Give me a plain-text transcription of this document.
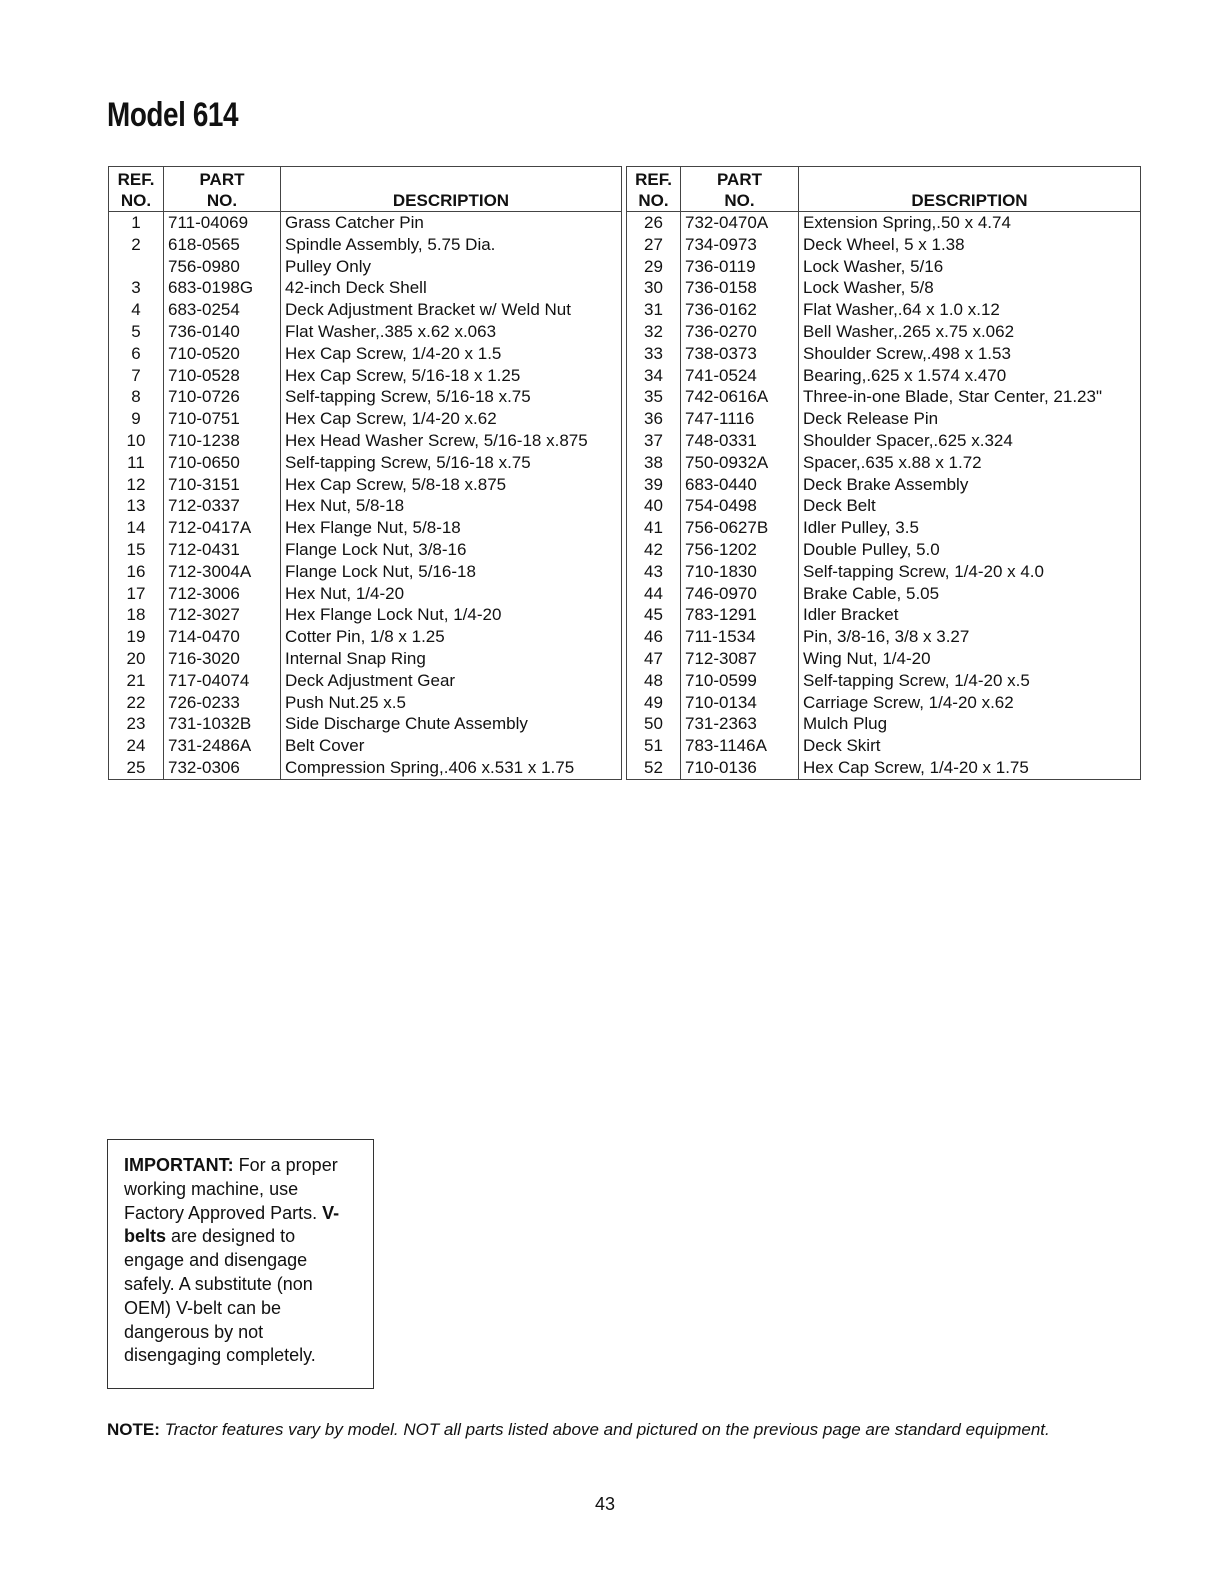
Model 614
REF.
NO.	PART
NO.	DESCRIPTION
1	711-04069	Grass Catcher Pin
2	618-0565	Spindle Assembly, 5.75 Dia.
	756-0980	Pulley Only
3	683-0198G	42-inch Deck Shell
4	683-0254	Deck Adjustment Bracket w/ Weld Nut
5	736-0140	Flat Washer,.385 x.62 x.063
6	710-0520	Hex Cap Screw, 1/4-20 x 1.5
7	710-0528	Hex Cap Screw, 5/16-18 x 1.25
8	710-0726	Self-tapping Screw, 5/16-18 x.75
9	710-0751	Hex Cap Screw, 1/4-20 x.62
10	710-1238	Hex Head Washer Screw, 5/16-18 x.875
11	710-0650	Self-tapping Screw, 5/16-18 x.75
12	710-3151	Hex Cap Screw, 5/8-18 x.875
13	712-0337	Hex Nut, 5/8-18
14	712-0417A	Hex Flange Nut, 5/8-18
15	712-0431	Flange Lock Nut, 3/8-16
16	712-3004A	Flange Lock Nut, 5/16-18
17	712-3006	Hex Nut, 1/4-20
18	712-3027	Hex Flange Lock Nut, 1/4-20
19	714-0470	Cotter Pin, 1/8 x 1.25
20	716-3020	Internal Snap Ring
21	717-04074	Deck Adjustment Gear
22	726-0233	Push Nut.25 x.5
23	731-1032B	Side Discharge Chute Assembly
24	731-2486A	Belt Cover
25	732-0306	Compression Spring,.406 x.531 x 1.75
REF.
NO.	PART
NO.	DESCRIPTION
26	732-0470A	Extension Spring,.50 x 4.74
27	734-0973	Deck Wheel, 5 x 1.38
29	736-0119	Lock Washer, 5/16
30	736-0158	Lock Washer, 5/8
31	736-0162	Flat Washer,.64 x 1.0 x.12
32	736-0270	Bell Washer,.265 x.75 x.062
33	738-0373	Shoulder Screw,.498 x 1.53
34	741-0524	Bearing,.625 x 1.574 x.470
35	742-0616A	Three-in-one Blade, Star Center, 21.23"
36	747-1116	Deck Release Pin
37	748-0331	Shoulder Spacer,.625 x.324
38	750-0932A	Spacer,.635 x.88 x 1.72
39	683-0440	Deck Brake Assembly
40	754-0498	Deck Belt
41	756-0627B	Idler Pulley, 3.5
42	756-1202	Double Pulley, 5.0
43	710-1830	Self-tapping Screw, 1/4-20 x 4.0
44	746-0970	Brake Cable, 5.05
45	783-1291	Idler Bracket
46	711-1534	Pin, 3/8-16, 3/8 x 3.27
47	712-3087	Wing Nut, 1/4-20
48	710-0599	Self-tapping Screw, 1/4-20 x.5
49	710-0134	Carriage Screw, 1/4-20 x.62
50	731-2363	Mulch Plug
51	783-1146A	Deck Skirt
52	710-0136	Hex Cap Screw, 1/4-20 x 1.75
IMPORTANT: For a proper working machine, use Factory Approved Parts. V-belts are designed to engage and disengage safely. A substitute (non OEM) V-belt can be dangerous by not disengaging completely.
NOTE: Tractor features vary by model. NOT all parts listed above and pictured on the previous page are standard equipment.
43
